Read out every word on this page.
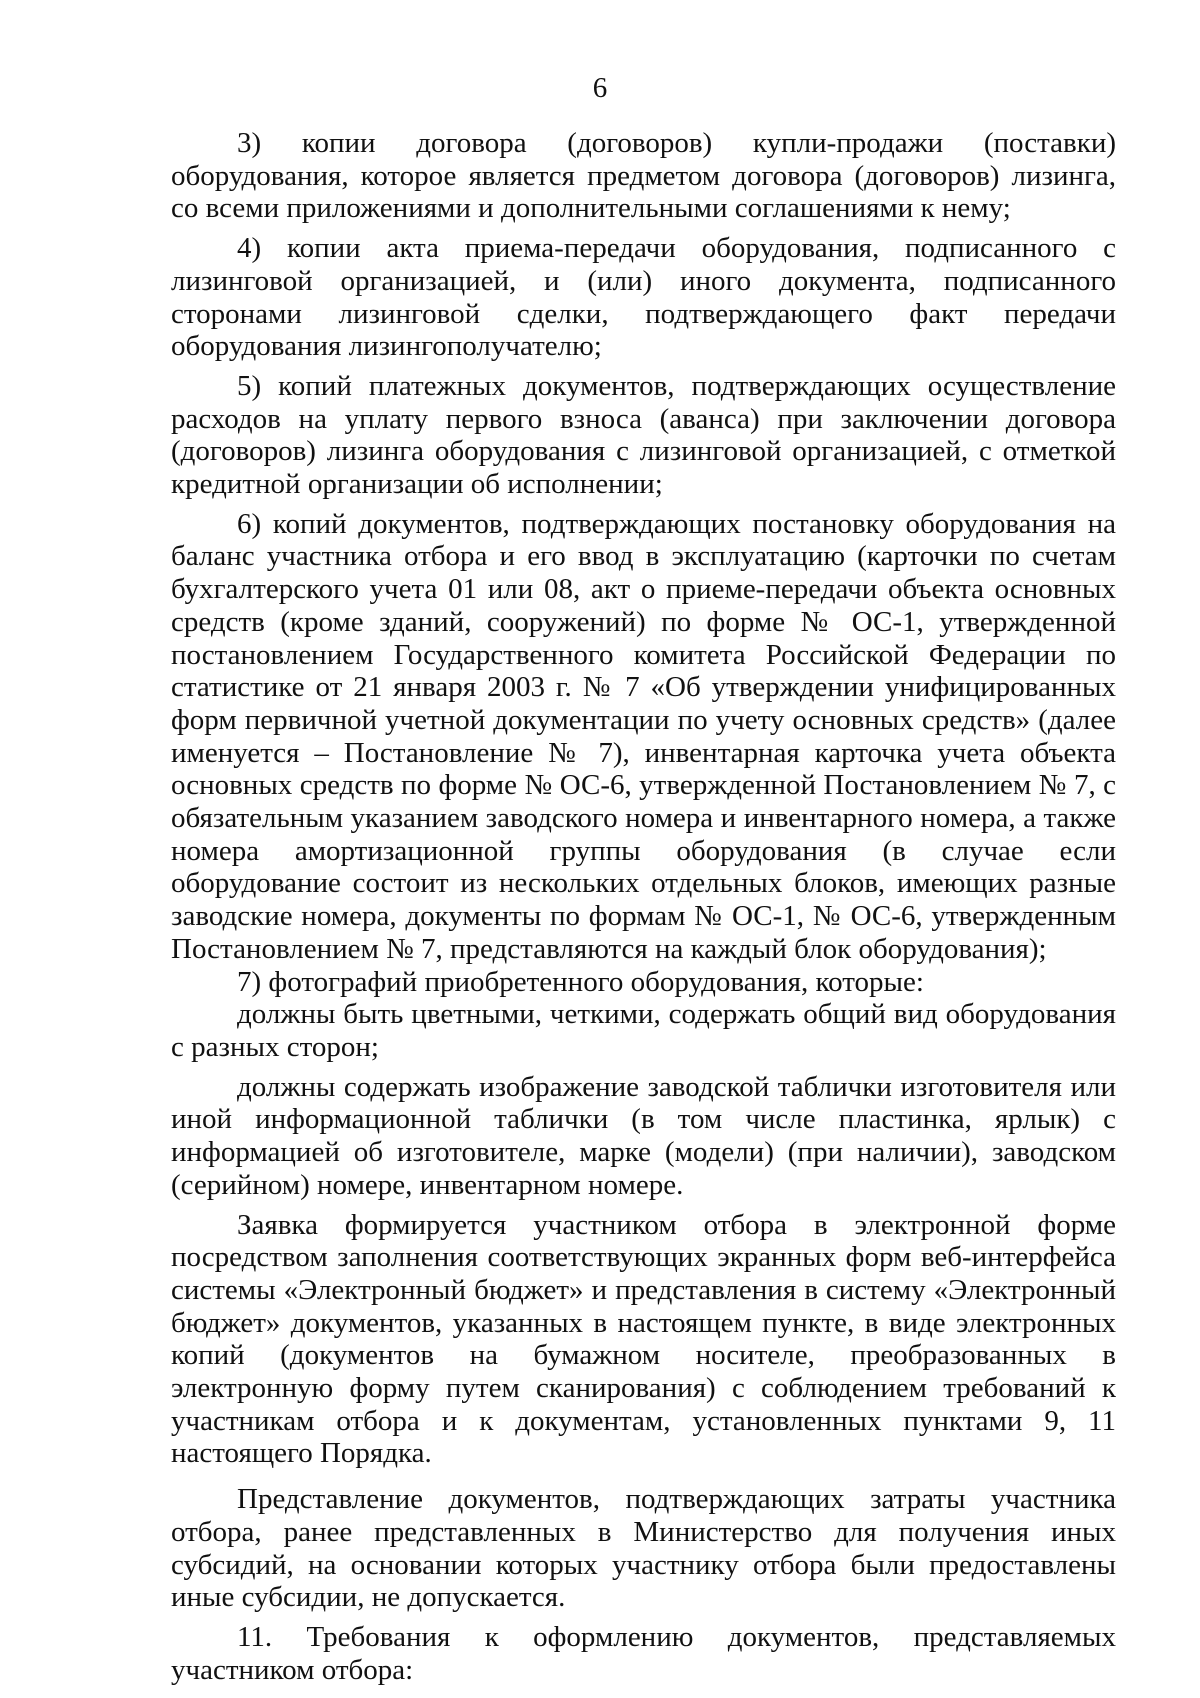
6

3) копии договора (договоров) купли-продажи (поставки) оборудования, которое является предметом договора (договоров) лизинга, со всеми приложениями и дополнительными соглашениями к нему;

4) копии акта приема-передачи оборудования, подписанного с лизинговой организацией, и (или) иного документа, подписанного сторонами лизинговой сделки, подтверждающего факт передачи оборудования лизингополучателю;

5) копий платежных документов, подтверждающих осуществление расходов на уплату первого взноса (аванса) при заключении договора (договоров) лизинга оборудования с лизинговой организацией, с отметкой кредитной организации об исполнении;

6) копий документов, подтверждающих постановку оборудования на баланс участника отбора и его ввод в эксплуатацию (карточки по счетам бухгалтерского учета 01 или 08, акт о приеме-передачи объекта основных средств (кроме зданий, сооружений) по форме № ОС-1, утвержденной постановлением Государственного комитета Российской Федерации по статистике от 21 января 2003 г. № 7 «Об утверждении унифицированных форм первичной учетной документации по учету основных средств» (далее именуется – Постановление № 7), инвентарная карточка учета объекта основных средств по форме № ОС-6, утвержденной Постановлением № 7, с обязательным указанием заводского номера и инвентарного номера, а также номера амортизационной группы оборудования (в случае если оборудование состоит из нескольких отдельных блоков, имеющих разные заводские номера, документы по формам № ОС-1, № ОС-6, утвержденным Постановлением № 7, представляются на каждый блок оборудования);

7) фотографий приобретенного оборудования, которые:

должны быть цветными, четкими, содержать общий вид оборудования с разных сторон;

должны содержать изображение заводской таблички изготовителя или иной информационной таблички (в том числе пластинка, ярлык) с информацией об изготовителе, марке (модели) (при наличии), заводском (серийном) номере, инвентарном номере.

Заявка формируется участником отбора в электронной форме посредством заполнения соответствующих экранных форм веб-интерфейса системы «Электронный бюджет» и представления в систему «Электронный бюджет» документов, указанных в настоящем пункте, в виде электронных копий (документов на бумажном носителе, преобразованных в электронную форму путем сканирования) с соблюдением требований к участникам отбора и к документам, установленных пунктами 9, 11 настоящего Порядка.

Представление документов, подтверждающих затраты участника отбора, ранее представленных в Министерство для получения иных субсидий, на основании которых участнику отбора были предоставлены иные субсидии, не допускается.

11. Требования к оформлению документов, представляемых участником отбора:
